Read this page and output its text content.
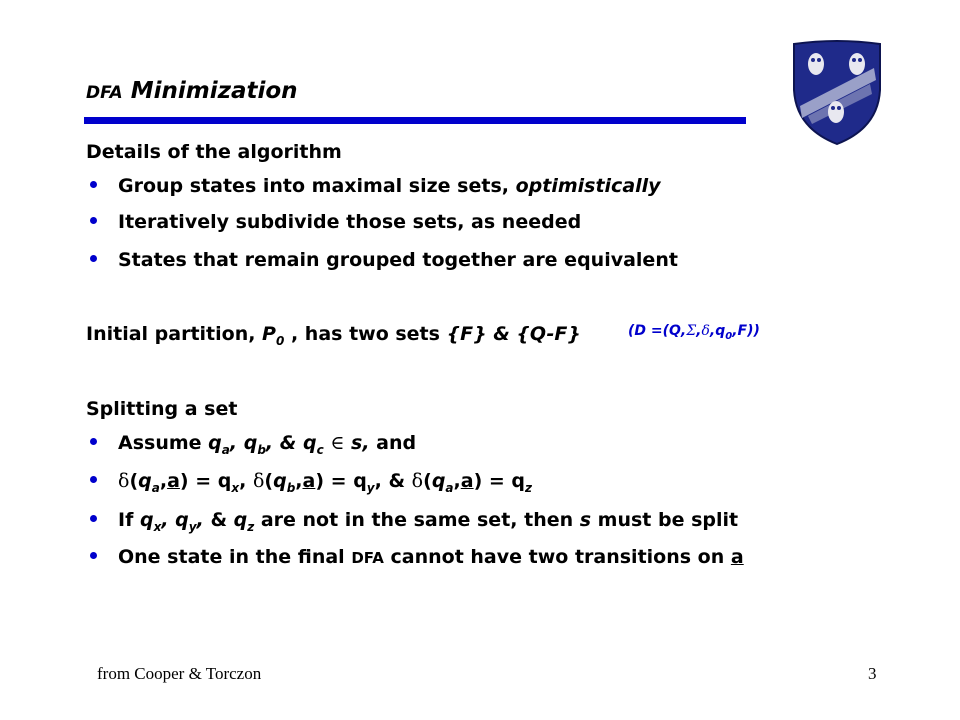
DFA Minimization
Details of the algorithm
Group states into maximal size sets, optimistically
Iteratively subdivide those sets, as needed
States that remain grouped together are equivalent
Initial partition, $P_0$ , has two sets {F} & {Q-F}	$(D =(Q,\Sigma,\delta,q_0,F))$
Splitting a set
Assume $q_a$, $q_b$, & $q_c$ ∈ s, and
$\delta(q_a,a) = q_x$, $\delta(q_b,a) = q_y$, & $\delta(q_a,a) = q_z$
If $q_x$, $q_y$, & $q_z$ are not in the same set, then s must be split
One state in the final DFA cannot have two transitions on a
from Cooper & Torczon	3
